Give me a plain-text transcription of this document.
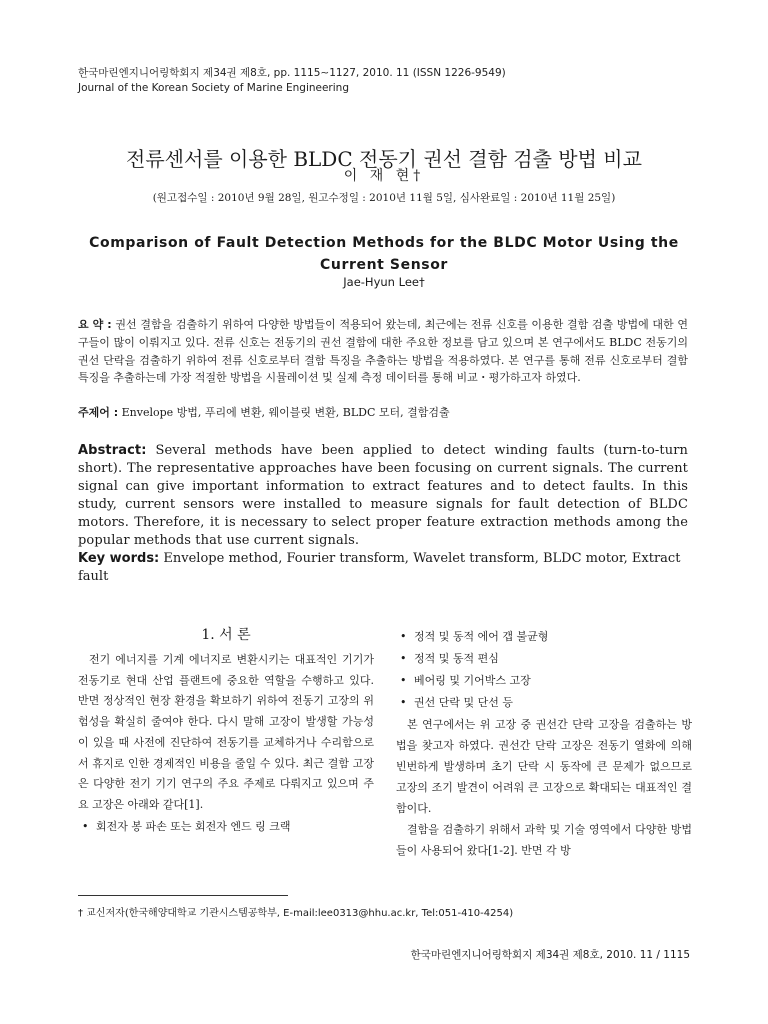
한국마린엔지니어링학회지 제34권 제8호, pp. 1115∼1127, 2010. 11 (ISSN 1226-9549)
Journal of the Korean Society of Marine Engineering
전류센서를 이용한 BLDC 전동기 권선 결함 검출 방법 비교
이 재 현†
(원고접수일 : 2010년 9월 28일, 원고수정일 : 2010년 11월 5일, 심사완료일 : 2010년 11월 25일)
Comparison of Fault Detection Methods for the BLDC Motor Using the Current Sensor
Jae-Hyun Lee†
요 약 : 권선 결함을 검출하기 위하여 다양한 방법들이 적용되어 왔는데, 최근에는 전류 신호를 이용한 결함 검출 방법에 대한 연구들이 많이 이뤄지고 있다. 전류 신호는 전동기의 권선 결함에 대한 주요한 정보를 담고 있으며 본 연구에서도 BLDC 전동기의 권선 단락을 검출하기 위하여 전류 신호로부터 결함 특징을 추출하는 방법을 적용하였다. 본 연구를 통해 전류 신호로부터 결함 특징을 추출하는데 가장 적절한 방법을 시뮬레이션 및 실제 측정 데이터를 통해 비교・평가하고자 하였다.
주제어 : Envelope 방법, 푸리에 변환, 웨이블릿 변환, BLDC 모터, 결함검출
Abstract: Several methods have been applied to detect winding faults (turn-to-turn short). The representative approaches have been focusing on current signals. The current signal can give important information to extract features and to detect faults. In this study, current sensors were installed to measure signals for fault detection of BLDC motors. Therefore, it is necessary to select proper feature extraction methods among the popular methods that use current signals.
Key words: Envelope method, Fourier transform, Wavelet transform, BLDC motor, Extract fault
1. 서 론

전기 에너지를 기계 에너지로 변환시키는 대표적인 기기가 전동기로 현대 산업 플랜트에 중요한 역할을 수행하고 있다. 반면 정상적인 현장 환경을 확보하기 위하여 전동기 고장의 위험성을 확실히 줄여야 한다. 다시 말해 고장이 발생할 가능성이 있을 때 사전에 진단하여 전동기를 교체하거나 수리함으로서 휴지로 인한 경제적인 비용을 줄일 수 있다. 최근 결함 고장은 다양한 전기 기기 연구의 주요 주제로 다뤄지고 있으며 주요 고장은 아래와 같다[1].

• 회전자 봉 파손 또는 회전자 엔드 링 크랙

• 정적 및 동적 에어 갭 불균형

• 정적 및 동적 편심

• 베어링 및 기어박스 고장

• 권선 단락 및 단선 등

본 연구에서는 위 고장 중 권선간 단락 고장을 검출하는 방법을 찾고자 하였다. 권선간 단락 고장은 전동기 열화에 의해 빈번하게 발생하며 초기 단락 시 동작에 큰 문제가 없으므로 고장의 조기 발견이 어려워 큰 고장으로 확대되는 대표적인 결함이다.

결함을 검출하기 위해서 과학 및 기술 영역에서 다양한 방법들이 사용되어 왔다[1-2]. 반면 각 방

† 교신저자(한국해양대학교 기관시스템공학부, E-mail:lee0313@hhu.ac.kr, Tel:051-410-4254)
한국마린엔지니어링학회지 제34권 제8호, 2010. 11 / 1115
